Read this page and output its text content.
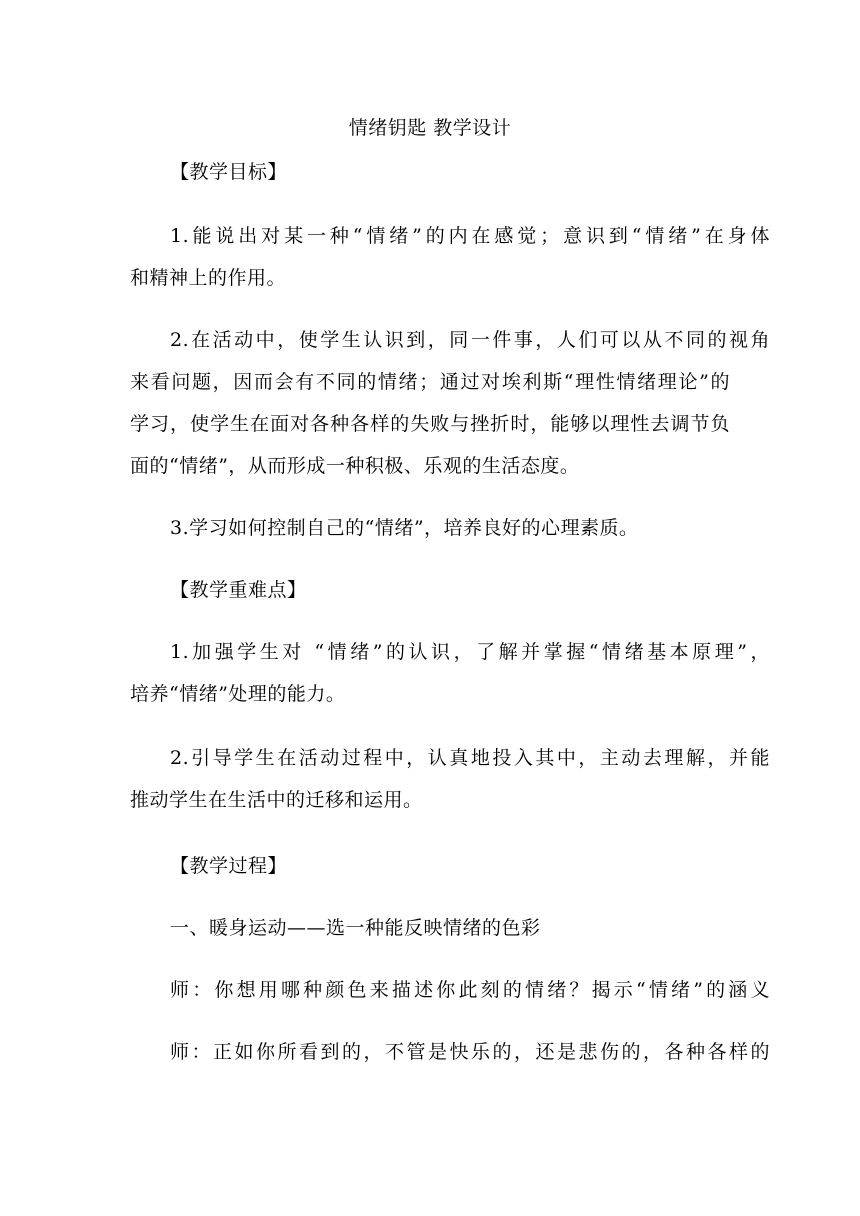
情绪钥匙 教学设计
【教学目标】
1.能说出对某一种“情绪”的内在感觉；意识到“情绪”在身体
和精神上的作用。
2.在活动中，使学生认识到，同一件事，人们可以从不同的视角
来看问题，因而会有不同的情绪；通过对埃利斯“理性情绪理论”的
学习，使学生在面对各种各样的失败与挫折时，能够以理性去调节负
面的“情绪”，从而形成一种积极、乐观的生活态度。
3.学习如何控制自己的“情绪”，培养良好的心理素质。
【教学重难点】
1.加强学生对 “情绪”的认识，了解并掌握“情绪基本原理”，
培养“情绪”处理的能力。
2.引导学生在活动过程中，认真地投入其中，主动去理解，并能
推动学生在生活中的迁移和运用。
【教学过程】
一、暖身运动——选一种能反映情绪的色彩
师：你想用哪种颜色来描述你此刻的情绪？揭示“情绪”的涵义
师：正如你所看到的，不管是快乐的，还是悲伤的，各种各样的
